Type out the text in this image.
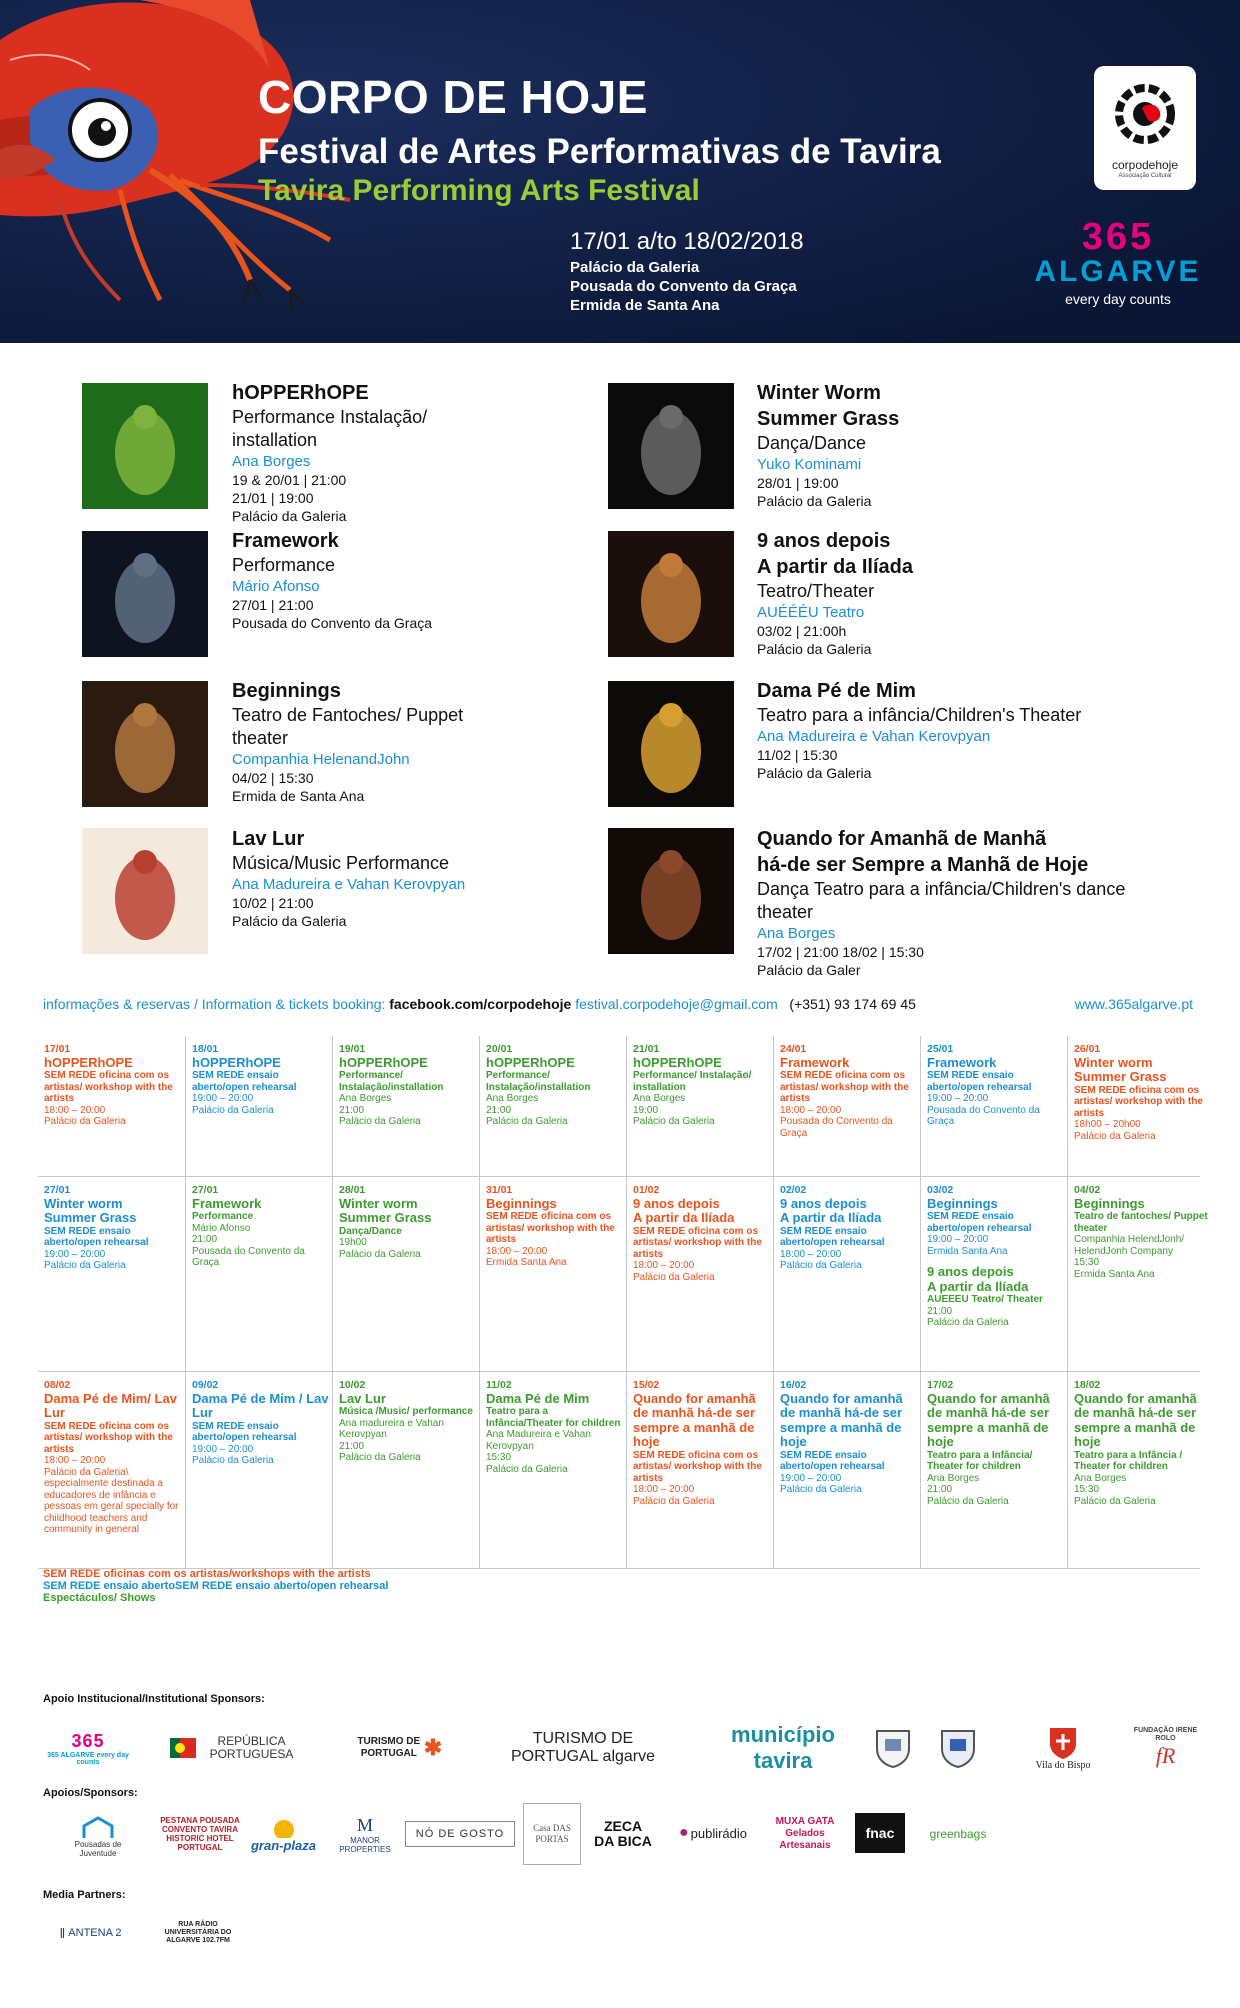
CORPO DE HOJE
Festival de Artes Performativas de Tavira
Tavira Performing Arts Festival
17/01 a/to 18/02/2018
Palácio da Galeria
Pousada do Convento da Graça
Ermida de Santa Ana
corpodehoje
Associação Cultural
365
ALGARVE
every day counts
hOPPERhOPE
Performance Instalação/
installation
Ana Borges
19 & 20/01 | 21:00
21/01 | 19:00
Palácio da Galeria
Framework
Performance
Mário Afonso
27/01 | 21:00
Pousada do Convento da Graça
Beginnings
Teatro de Fantoches/ Puppet
theater
Companhia HelenandJohn
04/02 | 15:30
Ermida de Santa Ana
Lav Lur
Música/Music Performance
Ana Madureira e Vahan Kerovpyan
10/02 | 21:00
Palácio da Galeria
Winter Worm
Summer Grass
Dança/Dance
Yuko Kominami
28/01 | 19:00
Palácio da Galeria
9 anos depois
A partir da Ilíada
Teatro/Theater
AUÉÉÉU Teatro
03/02 | 21:00h
Palácio da Galeria
Dama Pé de Mim
Teatro para a infância/Children's Theater
Ana Madureira e Vahan Kerovpyan
11/02 | 15:30
Palácio da Galeria
Quando for Amanhã de Manhã
há-de ser Sempre a Manhã de Hoje
Dança Teatro para a infância/Children's dance
theater
Ana Borges
17/02 | 21:00 18/02 | 15:30
Palácio da Galer
informações & reservas / Information & tickets booking: facebook.com/corpodehoje festival.corpodehoje@gmail.com (+351) 93 174 69 45	www.365algarve.pt
17/01
hOPPERhOPE
SEM REDE oficina com os artistas/ workshop with the artists
18:00 – 20:00
Palácio da Galeria
18/01
hOPPERhOPE
SEM REDE ensaio aberto/open rehearsal
19:00 – 20:00
Palácio da Galeria
19/01
hOPPERhOPE
Performance/ Instalação/installation
Ana Borges
21:00
Palácio da Galeria
20/01
hOPPERhOPE
Performance/ Instalação/installation
Ana Borges
21:00
Palácio da Galeria
21/01
hOPPERhOPE
Performance/ Instalação/ installation
Ana Borges
19:00
Palácio da Galeria
24/01
Framework
SEM REDE oficina com os artistas/ workshop with the artists
18:00 – 20:00
Pousada do Convento da Graça
25/01
Framework
SEM REDE ensaio aberto/open rehearsal
19:00 – 20:00
Pousada do Convento da Graça
26/01
Winter worm
Summer Grass
SEM REDE oficina com os artistas/ workshop with the artists
18h00 – 20h00
Palácio da Galeria
27/01
Winter worm
Summer Grass
SEM REDE ensaio aberto/open rehearsal
19:00 – 20:00
Palácio da Galeria
27/01
Framework
Performance
Mário Afonso
21:00
Pousada do Convento da Graça
28/01
Winter worm
Summer Grass
Dança/Dance
19h00
Palácio da Galeria
31/01
Beginnings
SEM REDE oficina com os artistas/ workshop with the artists
18:00 – 20:00
Ermida Santa Ana
01/02
9 anos depois
A partir da Ilíada
SEM REDE oficina com os artistas/ workshop with the artists
18:00 – 20:00
Palácio da Galeria
02/02
9 anos depois
A partir da Ilíada
SEM REDE ensaio aberto/open rehearsal
18:00 – 20:00
Palácio da Galeria
03/02
Beginnings
SEM REDE ensaio aberto/open rehearsal
19:00 – 20:00
Ermida Santa Ana
9 anos depois
A partir da Ilíada
AUEEEU Teatro/ Theater
21:00
Palácio da Galeria
04/02
Beginnings
Teatro de fantoches/ Puppet theater
Companhia HelendJonh/ HelendJonh Company
15:30
Ermida Santa Ana
08/02
Dama Pé de Mim/ Lav Lur
SEM REDE oficina com os artistas/ workshop with the artists
18:00 – 20:00
Palácio da Galeria\ especialmente destinada a educadores de infância e pessoas em geral specially for childhood teachers and community in general
09/02
Dama Pé de Mim / Lav Lur
SEM REDE ensaio aberto/open rehearsal
19:00 – 20:00
Palácio da Galeria
10/02
Lav Lur
Música /Music/ performance
Ana madureira e Vahan Kerovpyan
21:00
Palácio da Galeria
11/02
Dama Pé de Mim
Teatro para a Infância/Theater for children
Ana Madureira e Vahan Kerovpyan
15:30
Palácio da Galeria
15/02
Quando for amanhã de manhã há-de ser sempre a manhã de hoje
SEM REDE oficina com os artistas/ workshop with the artists
18:00 – 20:00
Palácio da Galeria
16/02
Quando for amanhã de manhã há-de ser sempre a manhã de hoje
SEM REDE ensaio aberto/open rehearsal
19:00 – 20:00
Palácio da Galeria
17/02
Quando for amanhã de manhã há-de ser sempre a manhã de hoje
Teatro para a Infância/ Theater for children
Ana Borges
21:00
Palácio da Galeria
18/02
Quando for amanhã de manhã há-de ser sempre a manhã de hoje
Teatro para a Infância / Theater for children
Ana Borges
15:30
Palácio da Galeria
SEM REDE oficinas com os artistas/workshops with the artists
SEM REDE ensaio abertoSEM REDE ensaio aberto/open rehearsal
Espectáculos/ Shows
Apoio Institucional/Institutional Sponsors:
365
365 ALGARVE every day counts
REPÚBLICA PORTUGUESA
TURISMO DE PORTUGAL ✱	TURISMO DE PORTUGAL algarve
município tavira	Vila do Bispo
FUNDAÇÃO IRENE ROLO
fR
Apoios/Sponsors:
Pousadas de Juventude
PESTANA POUSADA CONVENTO TAVIRA HISTORIC HOTEL PORTUGAL	gran-plaza
M
MANOR PROPERTIES
NÓ DE GOSTO	Casa DAS PORTAS
ZECA DA BICA ● publirádio
MUXA GATA Gelados Artesanais
fnac	greenbags
Media Partners:
‖ ANTENA 2
RUA RÁDIO UNIVERSITÁRIA DO ALGARVE 102.7FM
